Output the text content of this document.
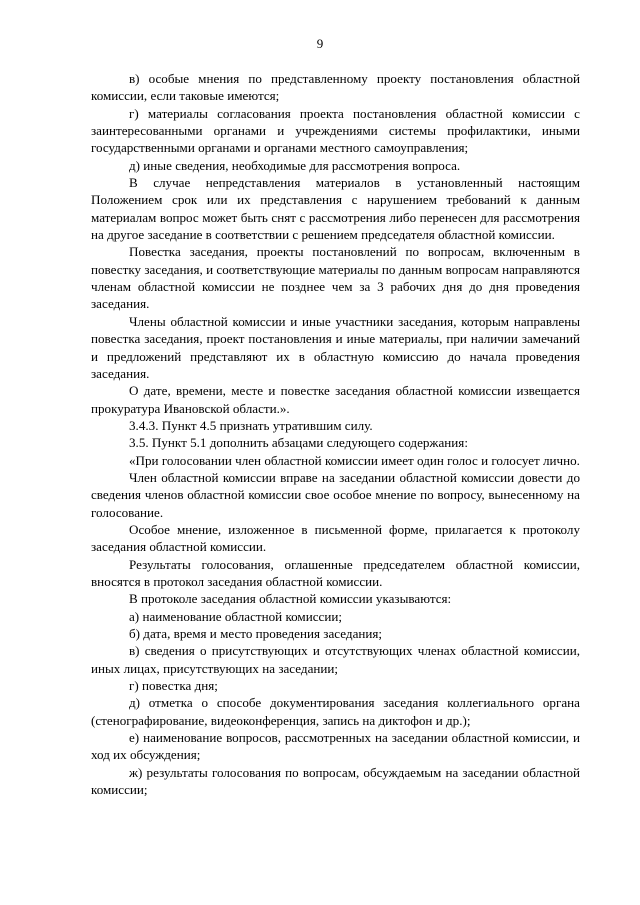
9

в) особые мнения по представленному проекту постановления областной комиссии, если таковые имеются;

г) материалы согласования проекта постановления областной комиссии с заинтересованными органами и учреждениями системы профилактики, иными государственными органами и органами местного самоуправления;

д) иные сведения, необходимые для рассмотрения вопроса.

В случае непредставления материалов в установленный настоящим Положением срок или их представления с нарушением требований к данным материалам вопрос может быть снят с рассмотрения либо перенесен для рассмотрения на другое заседание в соответствии с решением председателя областной комиссии.

Повестка заседания, проекты постановлений по вопросам, включенным в повестку заседания, и соответствующие материалы по данным вопросам направляются членам областной комиссии не позднее чем за 3 рабочих дня до дня проведения заседания.

Члены областной комиссии и иные участники заседания, которым направлены повестка заседания, проект постановления и иные материалы, при наличии замечаний и предложений представляют их в областную комиссию до начала проведения заседания.

О дате, времени, месте и повестке заседания областной комиссии извещается прокуратура Ивановской области.».

3.4.3. Пункт 4.5 признать утратившим силу.

3.5. Пункт 5.1 дополнить абзацами следующего содержания:

«При голосовании член областной комиссии имеет один голос и голосует лично.

Член областной комиссии вправе на заседании областной комиссии довести до сведения членов областной комиссии свое особое мнение по вопросу, вынесенному на голосование.

Особое мнение, изложенное в письменной форме, прилагается к протоколу заседания областной комиссии.

Результаты голосования, оглашенные председателем областной комиссии, вносятся в протокол заседания областной комиссии.

В протоколе заседания областной комиссии указываются:

а) наименование областной комиссии;

б) дата, время и место проведения заседания;

в) сведения о присутствующих и отсутствующих членах областной комиссии, иных лицах, присутствующих на заседании;

г) повестка дня;

д) отметка о способе документирования заседания коллегиального органа (стенографирование, видеоконференция, запись на диктофон и др.);

е) наименование вопросов, рассмотренных на заседании областной комиссии, и ход их обсуждения;

ж) результаты голосования по вопросам, обсуждаемым на заседании областной комиссии;
